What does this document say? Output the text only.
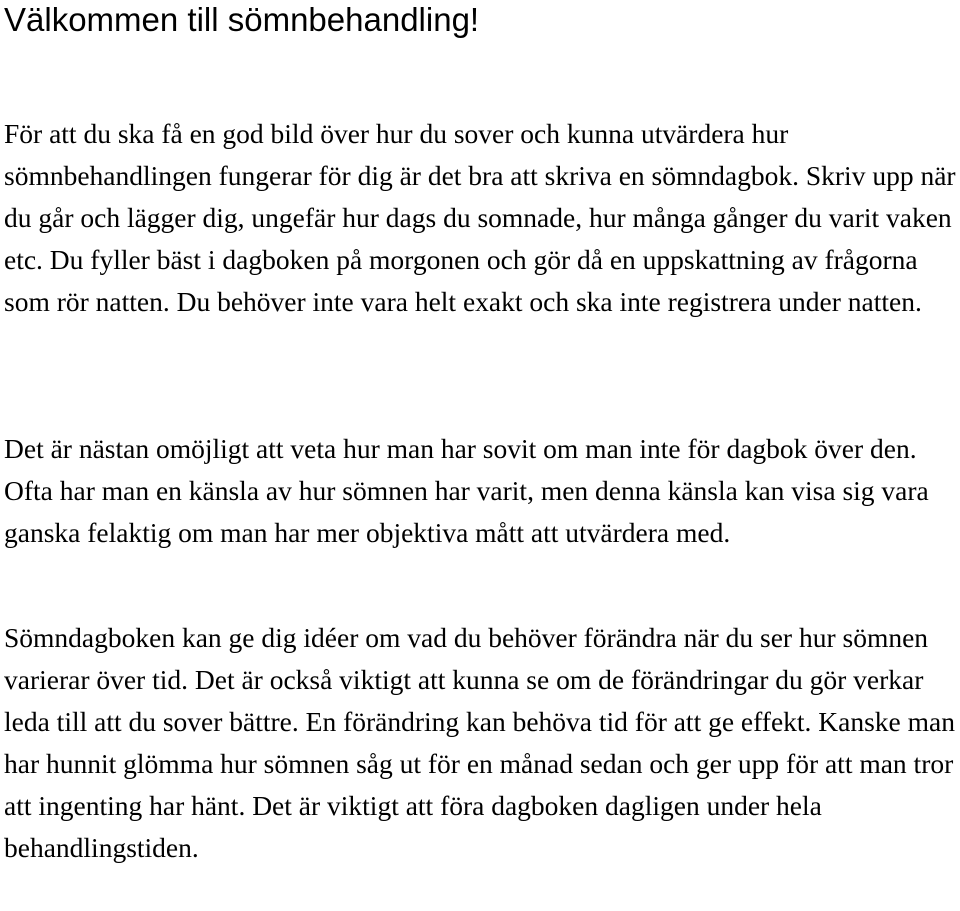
Välkommen till sömnbehandling!

För att du ska få en god bild över hur du sover och kunna utvärdera hur sömnbehandlingen fungerar för dig är det bra att skriva en sömndagbok. Skriv upp när du går och lägger dig, ungefär hur dags du somnade, hur många gånger du varit vaken etc. Du fyller bäst i dagboken på morgonen och gör då en uppskattning av frågorna som rör natten. Du behöver inte vara helt exakt och ska inte registrera under natten.

Det är nästan omöjligt att veta hur man har sovit om man inte för dagbok över den. Ofta har man en känsla av hur sömnen har varit, men denna känsla kan visa sig vara ganska felaktig om man har mer objektiva mått att utvärdera med.

Sömndagboken kan ge dig idéer om vad du behöver förändra när du ser hur sömnen varierar över tid. Det är också viktigt att kunna se om de förändringar du gör verkar leda till att du sover bättre. En förändring kan behöva tid för att ge effekt. Kanske man har hunnit glömma hur sömnen såg ut för en månad sedan och ger upp för att man tror att ingenting har hänt. Det är viktigt att föra dagboken dagligen under hela behandlingstiden.
